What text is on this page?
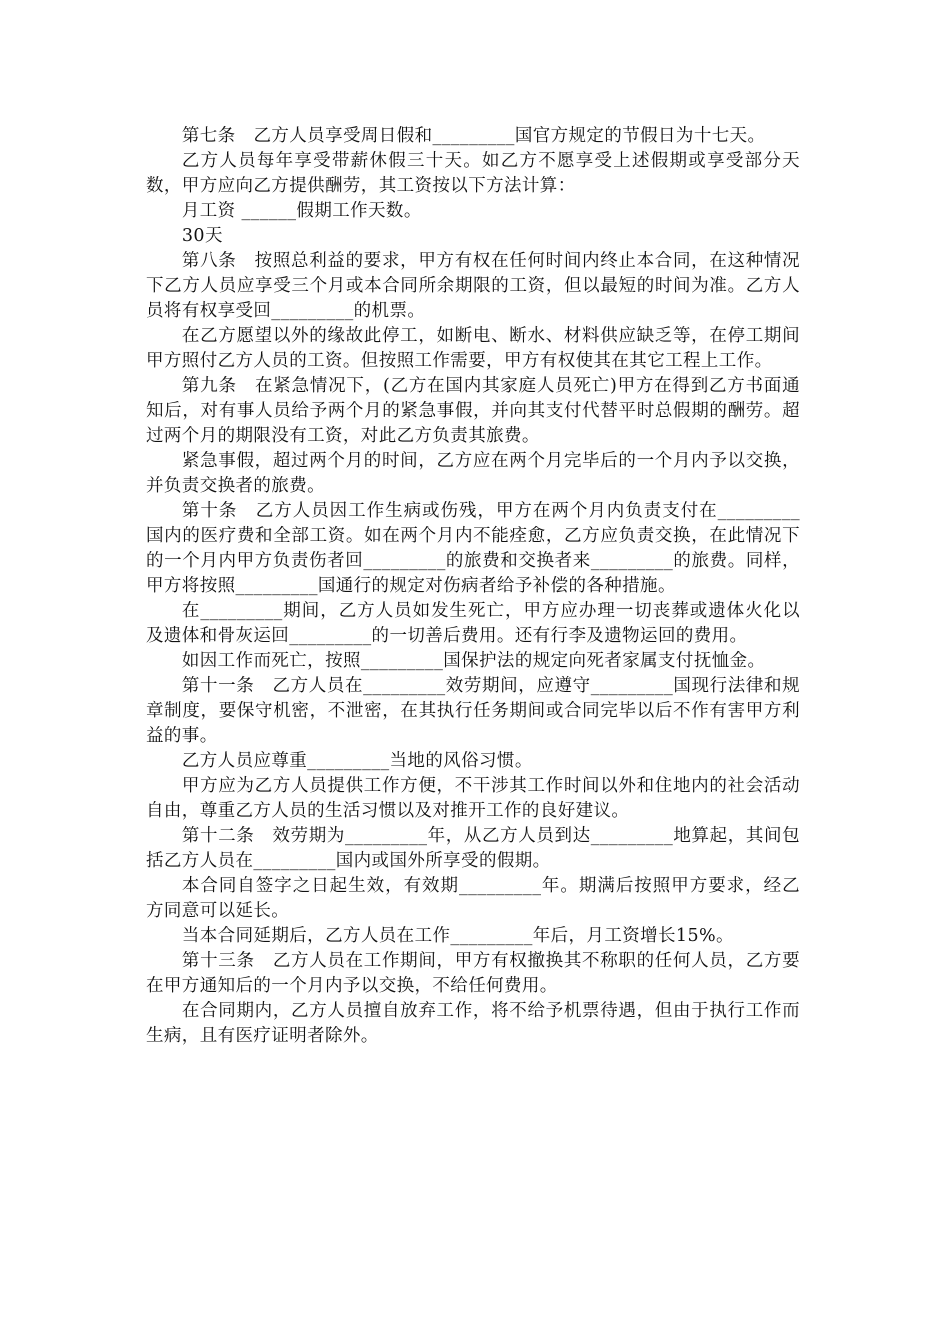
第七条　乙方人员享受周日假和_________国官方规定的节假日为十七天。

乙方人员每年享受带薪休假三十天。如乙方不愿享受上述假期或享受部分天数，甲方应向乙方提供酬劳，其工资按以下方法计算：

月工资 ______假期工作天数。

30天

第八条　按照总利益的要求，甲方有权在任何时间内终止本合同，在这种情况下乙方人员应享受三个月或本合同所余期限的工资，但以最短的时间为准。乙方人员将有权享受回_________的机票。

在乙方愿望以外的缘故此停工，如断电、断水、材料供应缺乏等，在停工期间甲方照付乙方人员的工资。但按照工作需要，甲方有权使其在其它工程上工作。

第九条　在紧急情况下，(乙方在国内其家庭人员死亡)甲方在得到乙方书面通知后，对有事人员给予两个月的紧急事假，并向其支付代替平时总假期的酬劳。超过两个月的期限没有工资，对此乙方负责其旅费。

紧急事假，超过两个月的时间，乙方应在两个月完毕后的一个月内予以交换，并负责交换者的旅费。

第十条　乙方人员因工作生病或伤残，甲方在两个月内负责支付在_________国内的医疗费和全部工资。如在两个月内不能痊愈，乙方应负责交换，在此情况下的一个月内甲方负责伤者回_________的旅费和交换者来_________的旅费。同样，甲方将按照_________国通行的规定对伤病者给予补偿的各种措施。

在_________期间，乙方人员如发生死亡，甲方应办理一切丧葬或遗体火化以及遗体和骨灰运回_________的一切善后费用。还有行李及遗物运回的费用。

如因工作而死亡，按照_________国保护法的规定向死者家属支付抚恤金。

第十一条　乙方人员在_________效劳期间，应遵守_________国现行法律和规章制度，要保守机密，不泄密，在其执行任务期间或合同完毕以后不作有害甲方利益的事。

乙方人员应尊重_________当地的风俗习惯。

甲方应为乙方人员提供工作方便，不干涉其工作时间以外和住地内的社会活动自由，尊重乙方人员的生活习惯以及对推开工作的良好建议。

第十二条　效劳期为_________年，从乙方人员到达_________地算起，其间包括乙方人员在_________国内或国外所享受的假期。

本合同自签字之日起生效，有效期_________年。期满后按照甲方要求，经乙方同意可以延长。

当本合同延期后，乙方人员在工作_________年后，月工资增长15%。

第十三条　乙方人员在工作期间，甲方有权撤换其不称职的任何人员，乙方要在甲方通知后的一个月内予以交换，不给任何费用。

在合同期内，乙方人员擅自放弃工作，将不给予机票待遇，但由于执行工作而生病，且有医疗证明者除外。
